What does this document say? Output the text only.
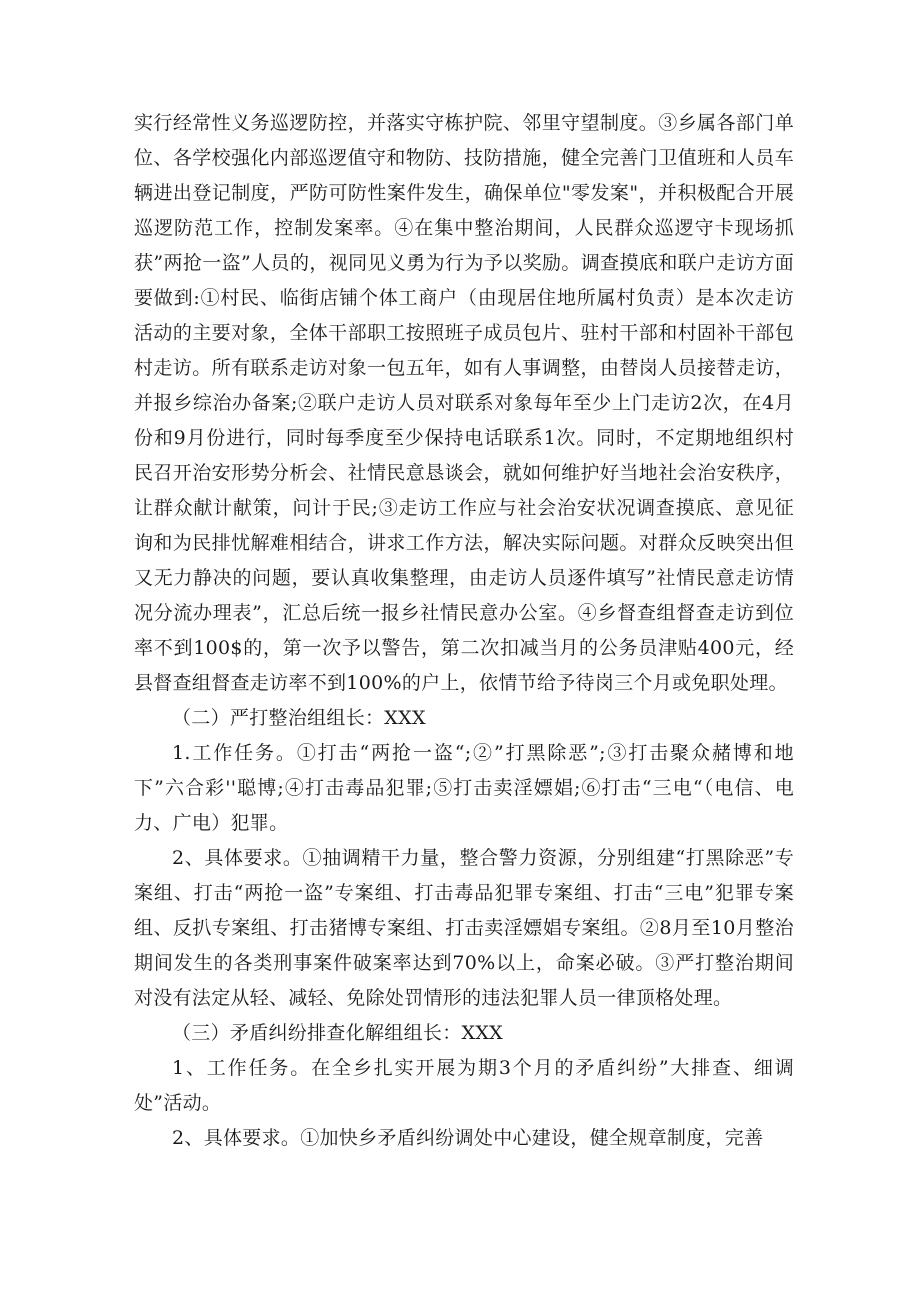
实行经常性义务巡逻防控，并落实守栋护院、邻里守望制度。③乡属各部门单位、各学校强化内部巡逻值守和物防、技防措施，健全完善门卫值班和人员车辆进出登记制度，严防可防性案件发生，确保单位"零发案"，并积极配合开展巡逻防范工作，控制发案率。④在集中整治期间，人民群众巡逻守卡现场抓获”两抢一盗”人员的，视同见义勇为行为予以奖励。调查摸底和联户走访方面要做到:①村民、临街店铺个体工商户（由现居住地所属村负责）是本次走访活动的主要对象，全体干部职工按照班子成员包片、驻村干部和村固补干部包村走访。所有联系走访对象一包五年，如有人事调整，由替岗人员接替走访，并报乡综治办备案;②联户走访人员对联系对象每年至少上门走访2次，在4月份和9月份进行，同时每季度至少保持电话联系1次。同时，不定期地组织村民召开治安形势分析会、社情民意恳谈会，就如何维护好当地社会治安秩序，让群众献计献策，问计于民;③走访工作应与社会治安状况调查摸底、意见征询和为民排忧解难相结合，讲求工作方法，解决实际问题。对群众反映突出但又无力静决的问题，要认真收集整理，由走访人员逐件填写”社情民意走访情况分流办理表”，汇总后统一报乡社情民意办公室。④乡督查组督查走访到位率不到100$的，第一次予以警告，第二次扣减当月的公务员津贴400元，经县督查组督查走访率不到100%的户上，依情节给予待岗三个月或免职处理。

（二）严打整治组组长：XXX

1.工作任务。①打击“两抢一盗“;②”打黑除恶”;③打击聚众赭博和地下”六合彩''聪博;④打击毒品犯罪;⑤打击卖淫嫖娼;⑥打击“三电“（电信、电力、广电）犯罪。

2、具体要求。①抽调精干力量，整合警力资源，分别组建“打黑除恶”专案组、打击“两抢一盗”专案组、打击毒品犯罪专案组、打击“三电”犯罪专案组、反扒专案组、打击猪博专案组、打击卖淫嫖娼专案组。②8月至10月整治期间发生的各类刑事案件破案率达到70%以上，命案必破。③严打整治期间对没有法定从轻、减轻、免除处罚情形的违法犯罪人员一律顶格处理。

（三）矛盾纠纷排查化解组组长：XXX

1、工作任务。在全乡扎实开展为期3个月的矛盾纠纷”大排查、细调处”活动。

2、具体要求。①加快乡矛盾纠纷调处中心建设，健全规章制度，完善
